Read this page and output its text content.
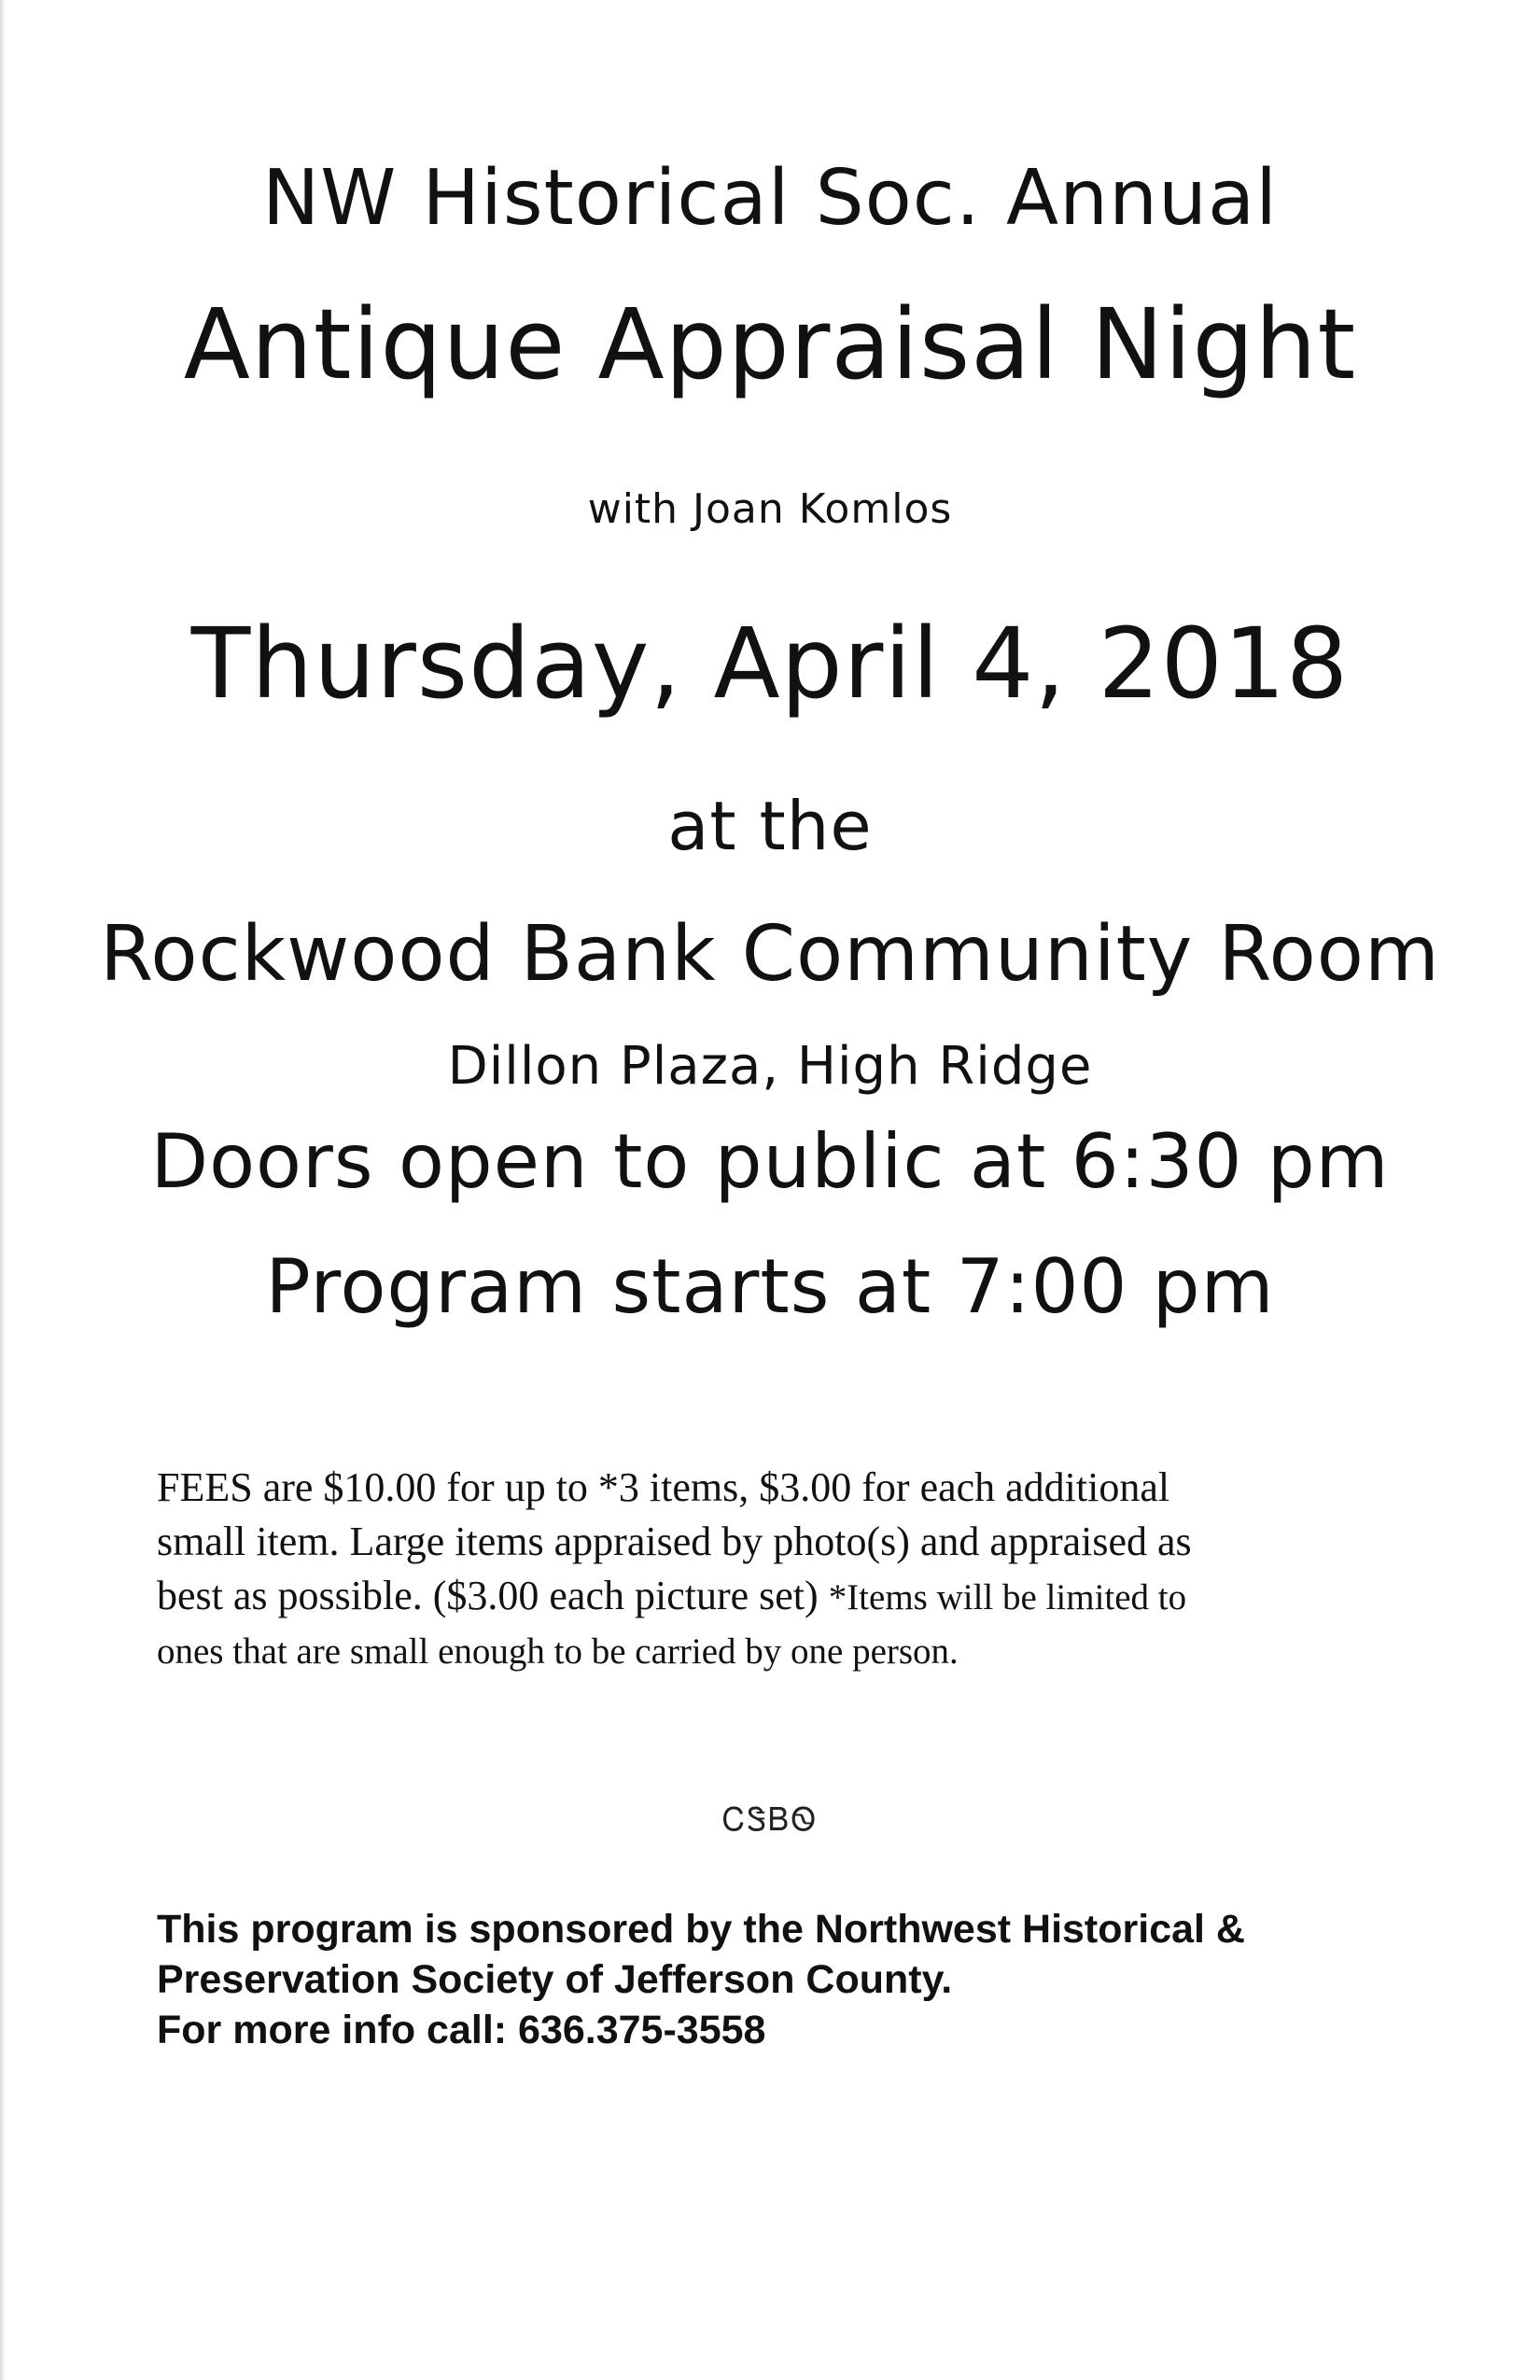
NW Historical Soc. Annual
Antique Appraisal Night
with Joan Komlos
Thursday, April 4, 2018
at the
Rockwood Bank Community Room
Dillon Plaza, High Ridge
Doors open to public at 6:30 pm
Program starts at 7:00 pm
FEES are $10.00 for up to *3 items, $3.00 for each additional
small item. Large items appraised by photo(s) and appraised as
best as possible. ($3.00 each picture set) *Items will be limited to
ones that are small enough to be carried by one person.
ᏟᏕᏴᏫ
This program is sponsored by the Northwest Historical &
Preservation Society of Jefferson County.
For more info call: 636.375-3558
